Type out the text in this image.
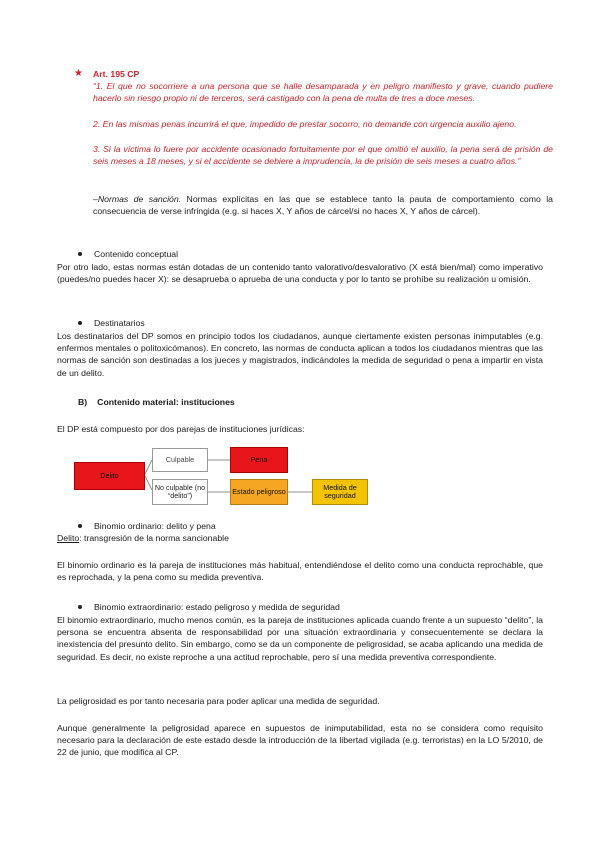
★ Art. 195 CP
“1. El que no socorriere a una persona que se halle desamparada y en peligro manifiesto y grave, cuando pudiere hacerlo sin riesgo propio ni de terceros, será castigado con la pena de multa de tres a doce meses.
2. En las mismas penas incurrirá el que, impedido de prestar socorro, no demande con urgencia auxilio ajeno.
3. Si la víctima lo fuere por accidente ocasionado fortuitamente por el que omitió el auxilio, la pena será de prisión de seis meses a 18 meses, y si el accidente se debiere a imprudencia, la de prisión de seis meses a cuatro años.”
–Normas de sanción. Normas explícitas en las que se establece tanto la pauta de comportamiento como la consecuencia de verse infringida (e.g. si haces X, Y años de cárcel/si no haces X, Y años de cárcel).
Contenido conceptual
Por otro lado, estas normas están dotadas de un contenido tanto valorativo/desvalorativo (X está bien/mal) como imperativo (puedes/no puedes hacer X): se desaprueba o aprueba de una conducta y por lo tanto se prohíbe su realización u omisión.
Destinatarios
Los destinatarios del DP somos en principio todos los ciudadanos, aunque ciertamente existen personas inimputables (e.g. enfermos mentales o politoxicómanos). En concreto, las normas de conducta aplican a todos los ciudadanos mientras que las normas de sanción son destinadas a los jueces y magistrados, indicándoles la medida de seguridad o pena a impartir en vista de un delito.
B) Contenido material: instituciones
El DP está compuesto por dos parejas de instituciones jurídicas:
Delito
Culpable	Pena
No culpable (no “delito”)	Estado peligroso	Medida de seguridad
Binomio ordinario: delito y pena
Delito: transgresión de la norma sancionable
El binomio ordinario es la pareja de instituciones más habitual, entendiéndose el delito como una conducta reprochable, que es reprochada, y la pena como su medida preventiva.
Binomio extraordinario: estado peligroso y medida de seguridad
El binomio extraordinario, mucho menos común, es la pareja de instituciones aplicada cuando frente a un supuesto “delito”, la persona se encuentra absenta de responsabilidad por una situación extraordinaria y consecuentemente se declara la inexistencia del presunto delito. Sin embargo, como se da un componente de peligrosidad, se acaba aplicando una medida de seguridad. Es decir, no existe reproche a una actitud reprochable, pero sí una medida preventiva correspondiente.
La peligrosidad es por tanto necesaria para poder aplicar una medida de seguridad.
Aunque generalmente la peligrosidad aparece en supuestos de inimputabilidad, esta no se considera como requisito necesario para la declaración de este estado desde la introducción de la libertad vigilada (e.g. terroristas) en la LO 5/2010, de 22 de junio, que modifica al CP.
